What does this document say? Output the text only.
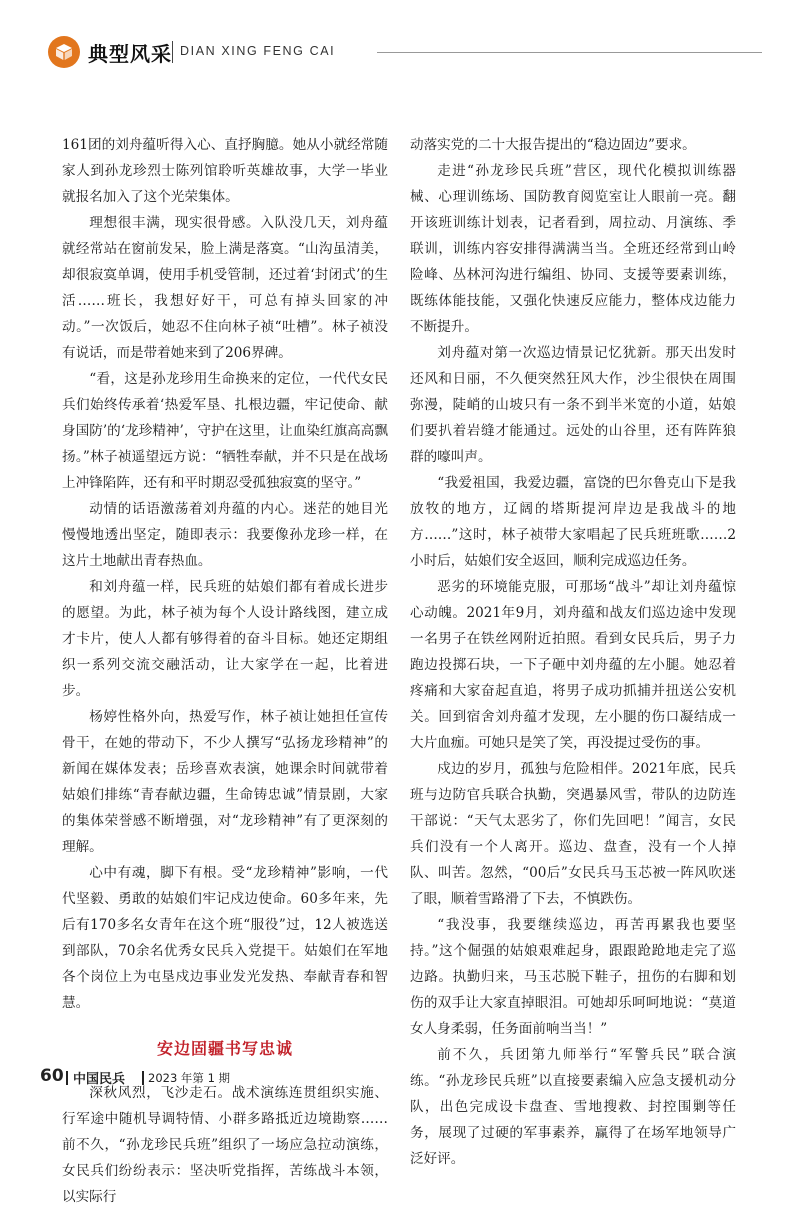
典型风采 DIAN XING FENG CAI

161团的刘舟蕴听得入心、直抒胸臆。她从小就经常随家人到孙龙珍烈士陈列馆聆听英雄故事，大学一毕业就报名加入了这个光荣集体。

理想很丰满，现实很骨感。入队没几天，刘舟蕴就经常站在窗前发呆，脸上满是落寞。“山沟虽清美，却很寂寞单调，使用手机受管制，还过着‘封闭式’的生活……班长，我想好好干，可总有掉头回家的冲动。”一次饭后，她忍不住向林子祯“吐槽”。林子祯没有说话，而是带着她来到了206界碑。

“看，这是孙龙珍用生命换来的定位，一代代女民兵们始终传承着‘热爱军垦、扎根边疆，牢记使命、献身国防’的‘龙珍精神’，守护在这里，让血染红旗高高飘扬。”林子祯遥望远方说：“牺牲奉献，并不只是在战场上冲锋陷阵，还有和平时期忍受孤独寂寞的坚守。”

动情的话语激荡着刘舟蕴的内心。迷茫的她目光慢慢地透出坚定，随即表示：我要像孙龙珍一样，在这片土地献出青春热血。

和刘舟蕴一样，民兵班的姑娘们都有着成长进步的愿望。为此，林子祯为每个人设计路线图，建立成才卡片，使人人都有够得着的奋斗目标。她还定期组织一系列交流交融活动，让大家学在一起，比着进步。

杨婷性格外向，热爱写作，林子祯让她担任宣传骨干，在她的带动下，不少人撰写“弘扬龙珍精神”的新闻在媒体发表；岳珍喜欢表演，她课余时间就带着姑娘们排练“青春献边疆，生命铸忠诚”情景剧，大家的集体荣誉感不断增强，对“龙珍精神”有了更深刻的理解。

心中有魂，脚下有根。受“龙珍精神”影响，一代代坚毅、勇敢的姑娘们牢记戍边使命。60多年来，先后有170多名女青年在这个班“服役”过，12人被选送到部队，70余名优秀女民兵入党提干。姑娘们在军地各个岗位上为屯垦戍边事业发光发热、奉献青春和智慧。

安边固疆书写忠诚

深秋风烈，飞沙走石。战术演练连贯组织实施、行军途中随机导调特情、小群多路抵近边境勘察……前不久，“孙龙珍民兵班”组织了一场应急拉动演练，女民兵们纷纷表示：坚决听党指挥，苦练战斗本领，以实际行

动落实党的二十大报告提出的“稳边固边”要求。

走进“孙龙珍民兵班”营区，现代化模拟训练器械、心理训练场、国防教育阅览室让人眼前一亮。翻开该班训练计划表，记者看到，周拉动、月演练、季联训，训练内容安排得满满当当。全班还经常到山岭险峰、丛林河沟进行编组、协同、支援等要素训练，既练体能技能，又强化快速反应能力，整体戍边能力不断提升。

刘舟蕴对第一次巡边情景记忆犹新。那天出发时还风和日丽，不久便突然狂风大作，沙尘很快在周围弥漫，陡峭的山坡只有一条不到半米宽的小道，姑娘们要扒着岩缝才能通过。远处的山谷里，还有阵阵狼群的嚎叫声。

“我爱祖国，我爱边疆，富饶的巴尔鲁克山下是我放牧的地方，辽阔的塔斯提河岸边是我战斗的地方……”这时，林子祯带大家唱起了民兵班班歌……2小时后，姑娘们安全返回，顺利完成巡边任务。

恶劣的环境能克服，可那场“战斗”却让刘舟蕴惊心动魄。2021年9月，刘舟蕴和战友们巡边途中发现一名男子在铁丝网附近拍照。看到女民兵后，男子力跑边投掷石块，一下子砸中刘舟蕴的左小腿。她忍着疼痛和大家奋起直追，将男子成功抓捕并扭送公安机关。回到宿舍刘舟蕴才发现，左小腿的伤口凝结成一大片血痂。可她只是笑了笑，再没提过受伤的事。

戍边的岁月，孤独与危险相伴。2021年底，民兵班与边防官兵联合执勤，突遇暴风雪，带队的边防连干部说：“天气太恶劣了，你们先回吧！”闻言，女民兵们没有一个人离开。巡边、盘查，没有一个人掉队、叫苦。忽然，“00后”女民兵马玉芯被一阵风吹迷了眼，顺着雪路滑了下去，不慎跌伤。

“我没事，我要继续巡边，再苦再累我也要坚持。”这个倔强的姑娘艰难起身，跟跟跄跄地走完了巡边路。执勤归来，马玉芯脱下鞋子，扭伤的右脚和划伤的双手让大家直掉眼泪。可她却乐呵呵地说：“莫道女人身柔弱，任务面前响当当！”

前不久，兵团第九师举行“军警兵民”联合演练。“孙龙珍民兵班”以直接要素编入应急支援机动分队，出色完成设卡盘查、雪地搜救、封控围剿等任务，展现了过硬的军事素养，赢得了在场军地领导广泛好评。

60 中国民兵 2023 年第 1 期
